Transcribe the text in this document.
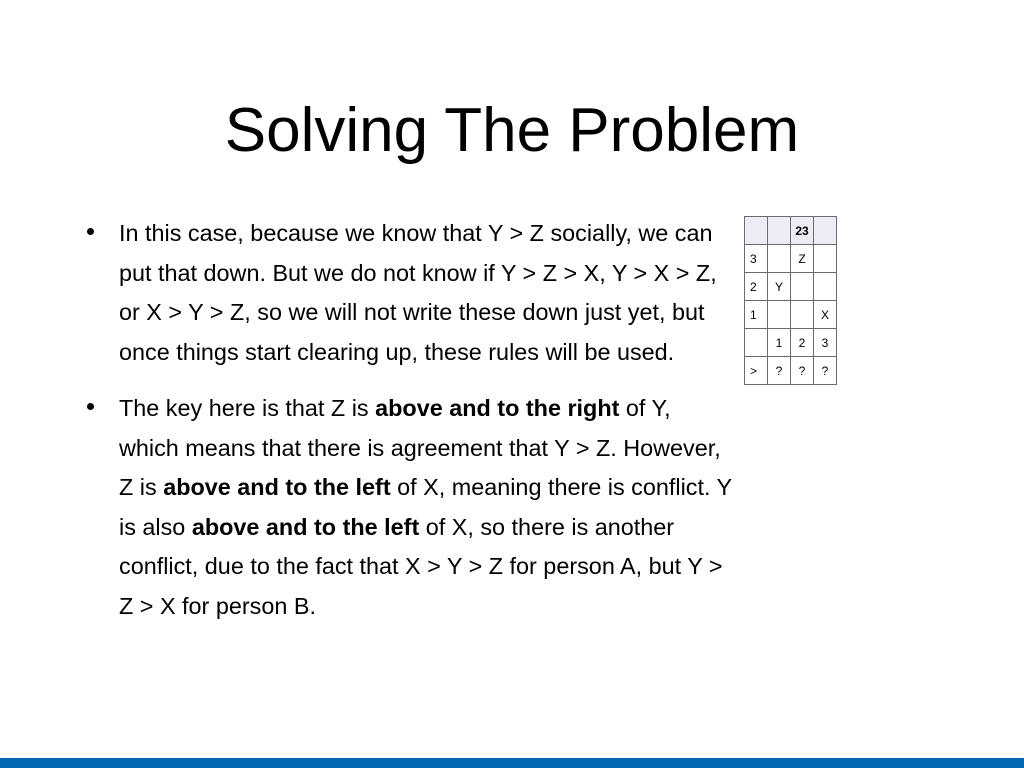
Solving The Problem
In this case, because we know that Y > Z socially, we can put that down. But we do not know if Y > Z > X, Y > X > Z, or X > Y > Z, so we will not write these down just yet, but once things start clearing up, these rules will be used.
The key here is that Z is above and to the right of Y, which means that there is agreement that Y > Z. However, Z is above and to the left of X, meaning there is conflict. Y is also above and to the left of X, so there is another conflict, due to the fact that X > Y > Z for person A, but Y > Z > X for person B.
		23	
3		Z	
2	Y		
1			X
	1	2	3
>	?	?	?
